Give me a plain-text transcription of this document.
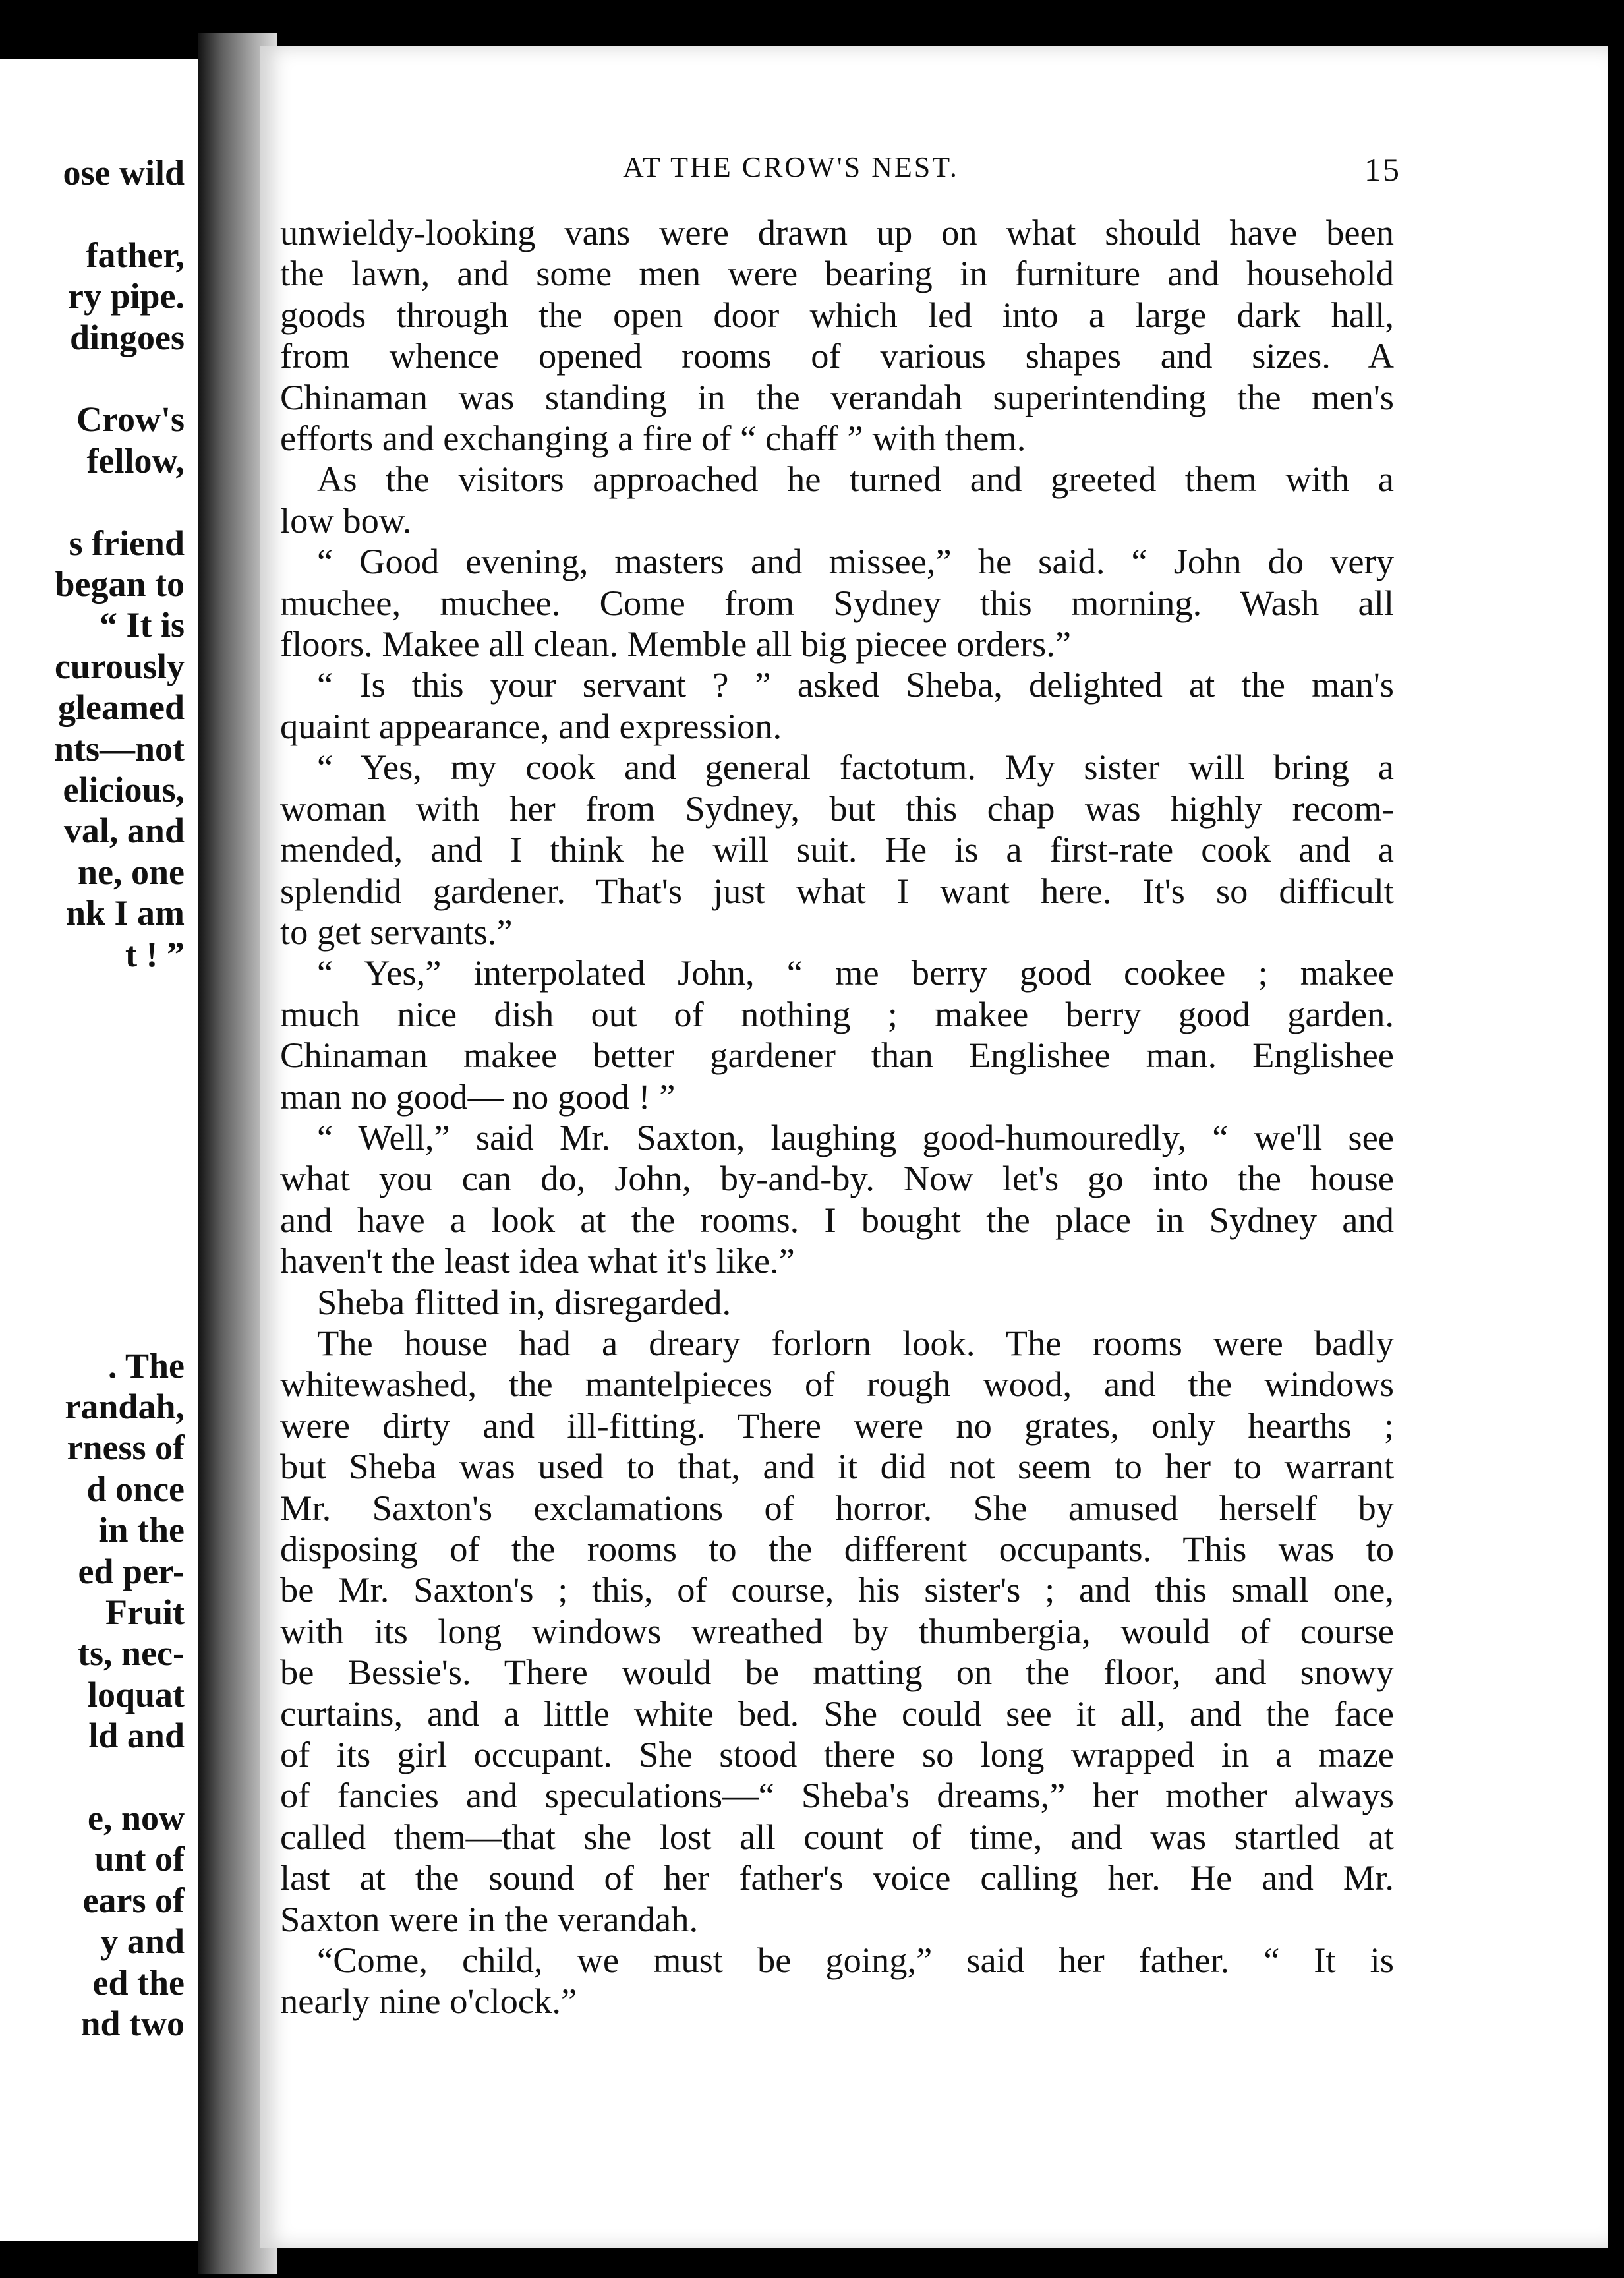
ose wild
father,
ry pipe.
dingoes
Crow's
fellow,
s friend
began to
“ It is
curously
gleamed
nts—not
elicious,
val, and
ne, one
nk I am
t ! ”
. The
randah,
rness of
d once
in the
ed per-
Fruit
ts, nec-
loquat
ld and
e, now
unt of
ears of
y and
ed the
nd two
AT THE CROW'S NEST.	15
unwieldy-looking vans were drawn up on what should have been
the lawn, and some men were bearing in furniture and household
goods through the open door which led into a large dark hall,
from whence opened rooms of various shapes and sizes. A
Chinaman was standing in the verandah superintending the men's
efforts and exchanging a fire of “ chaff ” with them.
As the visitors approached he turned and greeted them with a
low bow.
“ Good evening, masters and missee,” he said. “ John do very
muchee, muchee. Come from Sydney this morning. Wash all
floors. Makee all clean. Memble all big piecee orders.”
“ Is this your servant ? ” asked Sheba, delighted at the man's
quaint appearance, and expression.
“ Yes, my cook and general factotum. My sister will bring a
woman with her from Sydney, but this chap was highly recom-
mended, and I think he will suit. He is a first-rate cook and a
splendid gardener. That's just what I want here. It's so difficult
to get servants.”
“ Yes,” interpolated John, “ me berry good cookee ; makee
much nice dish out of nothing ; makee berry good garden.
Chinaman makee better gardener than Englishee man. Englishee
man no good— no good ! ”
“ Well,” said Mr. Saxton, laughing good-humouredly, “ we'll see
what you can do, John, by-and-by. Now let's go into the house
and have a look at the rooms. I bought the place in Sydney and
haven't the least idea what it's like.”
Sheba flitted in, disregarded.
The house had a dreary forlorn look. The rooms were badly
whitewashed, the mantelpieces of rough wood, and the windows
were dirty and ill-fitting. There were no grates, only hearths ;
but Sheba was used to that, and it did not seem to her to warrant
Mr. Saxton's exclamations of horror. She amused herself by
disposing of the rooms to the different occupants. This was to
be Mr. Saxton's ; this, of course, his sister's ; and this small one,
with its long windows wreathed by thumbergia, would of course
be Bessie's. There would be matting on the floor, and snowy
curtains, and a little white bed. She could see it all, and the face
of its girl occupant. She stood there so long wrapped in a maze
of fancies and speculations—“ Sheba's dreams,” her mother always
called them—that she lost all count of time, and was startled at
last at the sound of her father's voice calling her. He and Mr.
Saxton were in the verandah.
“Come, child, we must be going,” said her father. “ It is
nearly nine o'clock.”
